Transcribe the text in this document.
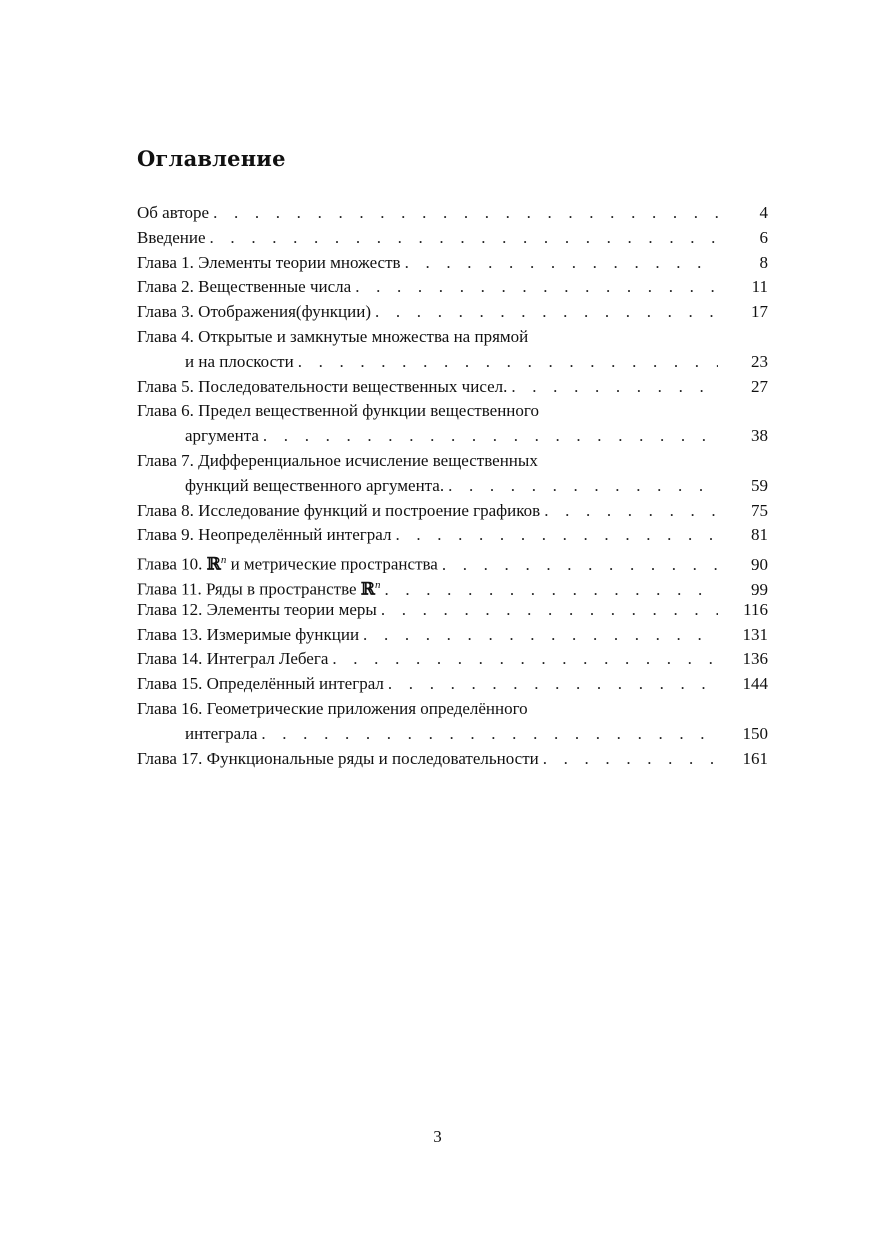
Оглавление
Об авторе . . .	4
Введение . . .	6
Глава 1. Элементы теории множеств . . .	8
Глава 2. Вещественные числа . . .	11
Глава 3. Отображения(функции) . . .	17
Глава 4. Открытые и замкнутые множества на прямой
и на плоскости . . .	23
Глава 5. Последовательности вещественных чисел. . . .	27
Глава 6. Предел вещественной функции вещественного
аргумента . . .	38
Глава 7. Дифференциальное исчисление вещественных
функций вещественного аргумента. . . .	59
Глава 8. Исследование функций и построение графиков . . .	75
Глава 9. Неопределённый интеграл . . .	81
Глава 10. ℝ$^n$ и метрические пространства . . .	90
Глава 11. Ряды в пространстве ℝ$^n$ . . .	99
Глава 12. Элементы теории меры . . .	116
Глава 13. Измеримые функции . . .	131
Глава 14. Интеграл Лебега . . .	136
Глава 15. Определённый интеграл . . .	144
Глава 16. Геометрические приложения определённого
интеграла . . .	150
Глава 17. Функциональные ряды и последовательности . . .	161
3
